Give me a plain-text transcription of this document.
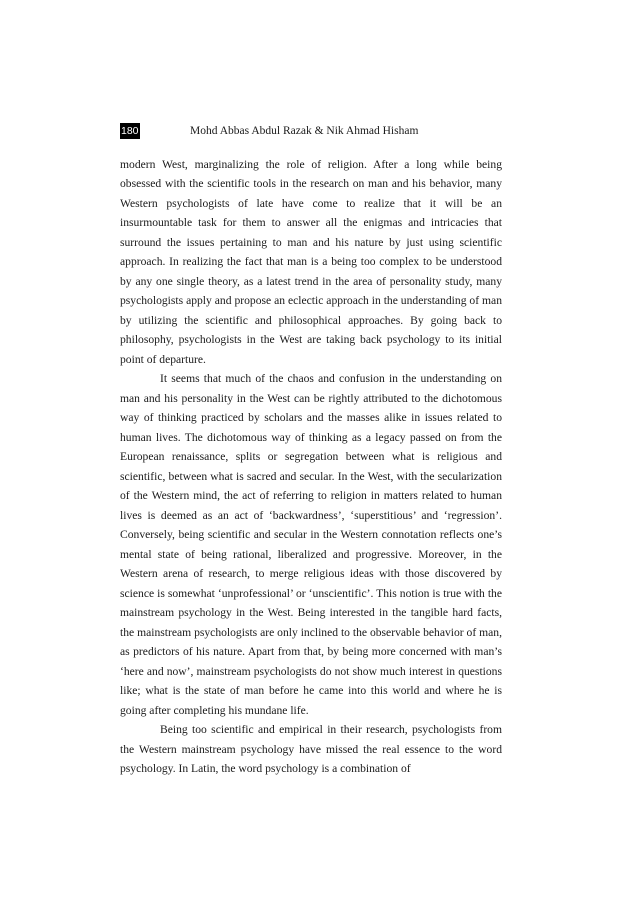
180	Mohd Abbas Abdul Razak & Nik Ahmad Hisham

modern West, marginalizing the role of religion. After a long while being obsessed with the scientific tools in the research on man and his behavior, many Western psychologists of late have come to realize that it will be an insurmountable task for them to answer all the enigmas and intricacies that surround the issues pertaining to man and his nature by just using scientific approach. In realizing the fact that man is a being too complex to be understood by any one single theory, as a latest trend in the area of personality study, many psychologists apply and propose an eclectic approach in the understanding of man by utilizing the scientific and philosophical approaches. By going back to philosophy, psychologists in the West are taking back psychology to its initial point of departure.

It seems that much of the chaos and confusion in the understanding on man and his personality in the West can be rightly attributed to the dichotomous way of thinking practiced by scholars and the masses alike in issues related to human lives. The dichotomous way of thinking as a legacy passed on from the European renaissance, splits or segregation between what is religious and scientific, between what is sacred and secular. In the West, with the secularization of the Western mind, the act of referring to religion in matters related to human lives is deemed as an act of ‘backwardness’, ‘superstitious’ and ‘regression’. Conversely, being scientific and secular in the Western connotation reflects one’s mental state of being rational, liberalized and progressive. Moreover, in the Western arena of research, to merge religious ideas with those discovered by science is somewhat ‘unprofessional’ or ‘unscientific’. This notion is true with the mainstream psychology in the West. Being interested in the tangible hard facts, the mainstream psychologists are only inclined to the observable behavior of man, as predictors of his nature. Apart from that, by being more concerned with man’s ‘here and now’, mainstream psychologists do not show much interest in questions like; what is the state of man before he came into this world and where he is going after completing his mundane life.

Being too scientific and empirical in their research, psychologists from the Western mainstream psychology have missed the real essence to the word psychology. In Latin, the word psychology is a combination of
